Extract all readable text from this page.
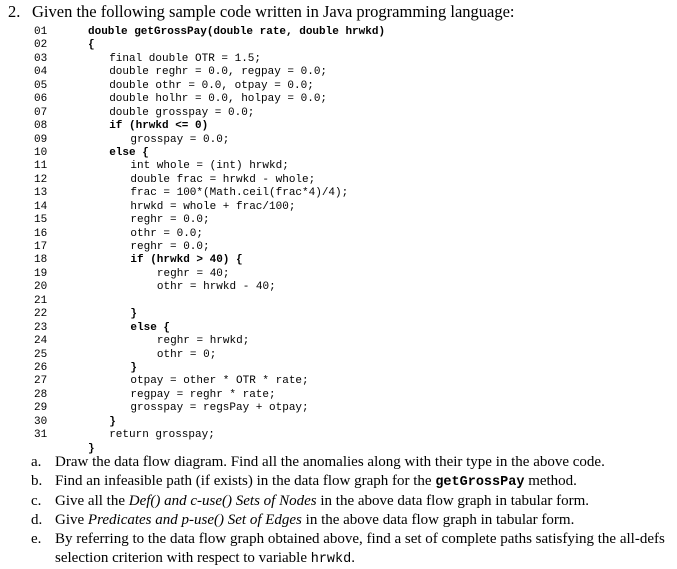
2. Given the following sample code written in Java programming language:
01	double getGrossPay(double rate, double hrwkd)
02	{
03	final double OTR = 1.5;
04	double reghr = 0.0, regpay = 0.0;
05	double othr = 0.0, otpay = 0.0;
06	double holhr = 0.0, holpay = 0.0;
07	double grosspay = 0.0;
08	if (hrwkd <= 0)
09	grosspay = 0.0;
10	else {
11	int whole = (int) hrwkd;
12	double frac = hrwkd - whole;
13	frac = 100*(Math.ceil(frac*4)/4);
14	hrwkd = whole + frac/100;
15	reghr = 0.0;
16	othr = 0.0;
17	reghr = 0.0;
18	if (hrwkd > 40) {
19	reghr = 40;
20	othr = hrwkd - 40;
21
22	}
23	else {
24	reghr = hrwkd;
25	othr = 0;
26	}
27	otpay = other * OTR * rate;
28	regpay = reghr * rate;
29	grosspay = regsPay + otpay;
30	}
31	return grosspay;
}
a. Draw the data flow diagram. Find all the anomalies along with their type in the above code.
b. Find an infeasible path (if exists) in the data flow graph for the getGrossPay method.
c. Give all the Def() and c-use() Sets of Nodes in the above data flow graph in tabular form.
d. Give Predicates and p-use() Set of Edges in the above data flow graph in tabular form.
e. By referring to the data flow graph obtained above, find a set of complete paths satisfying the all-defs selection criterion with respect to variable hrwkd.
